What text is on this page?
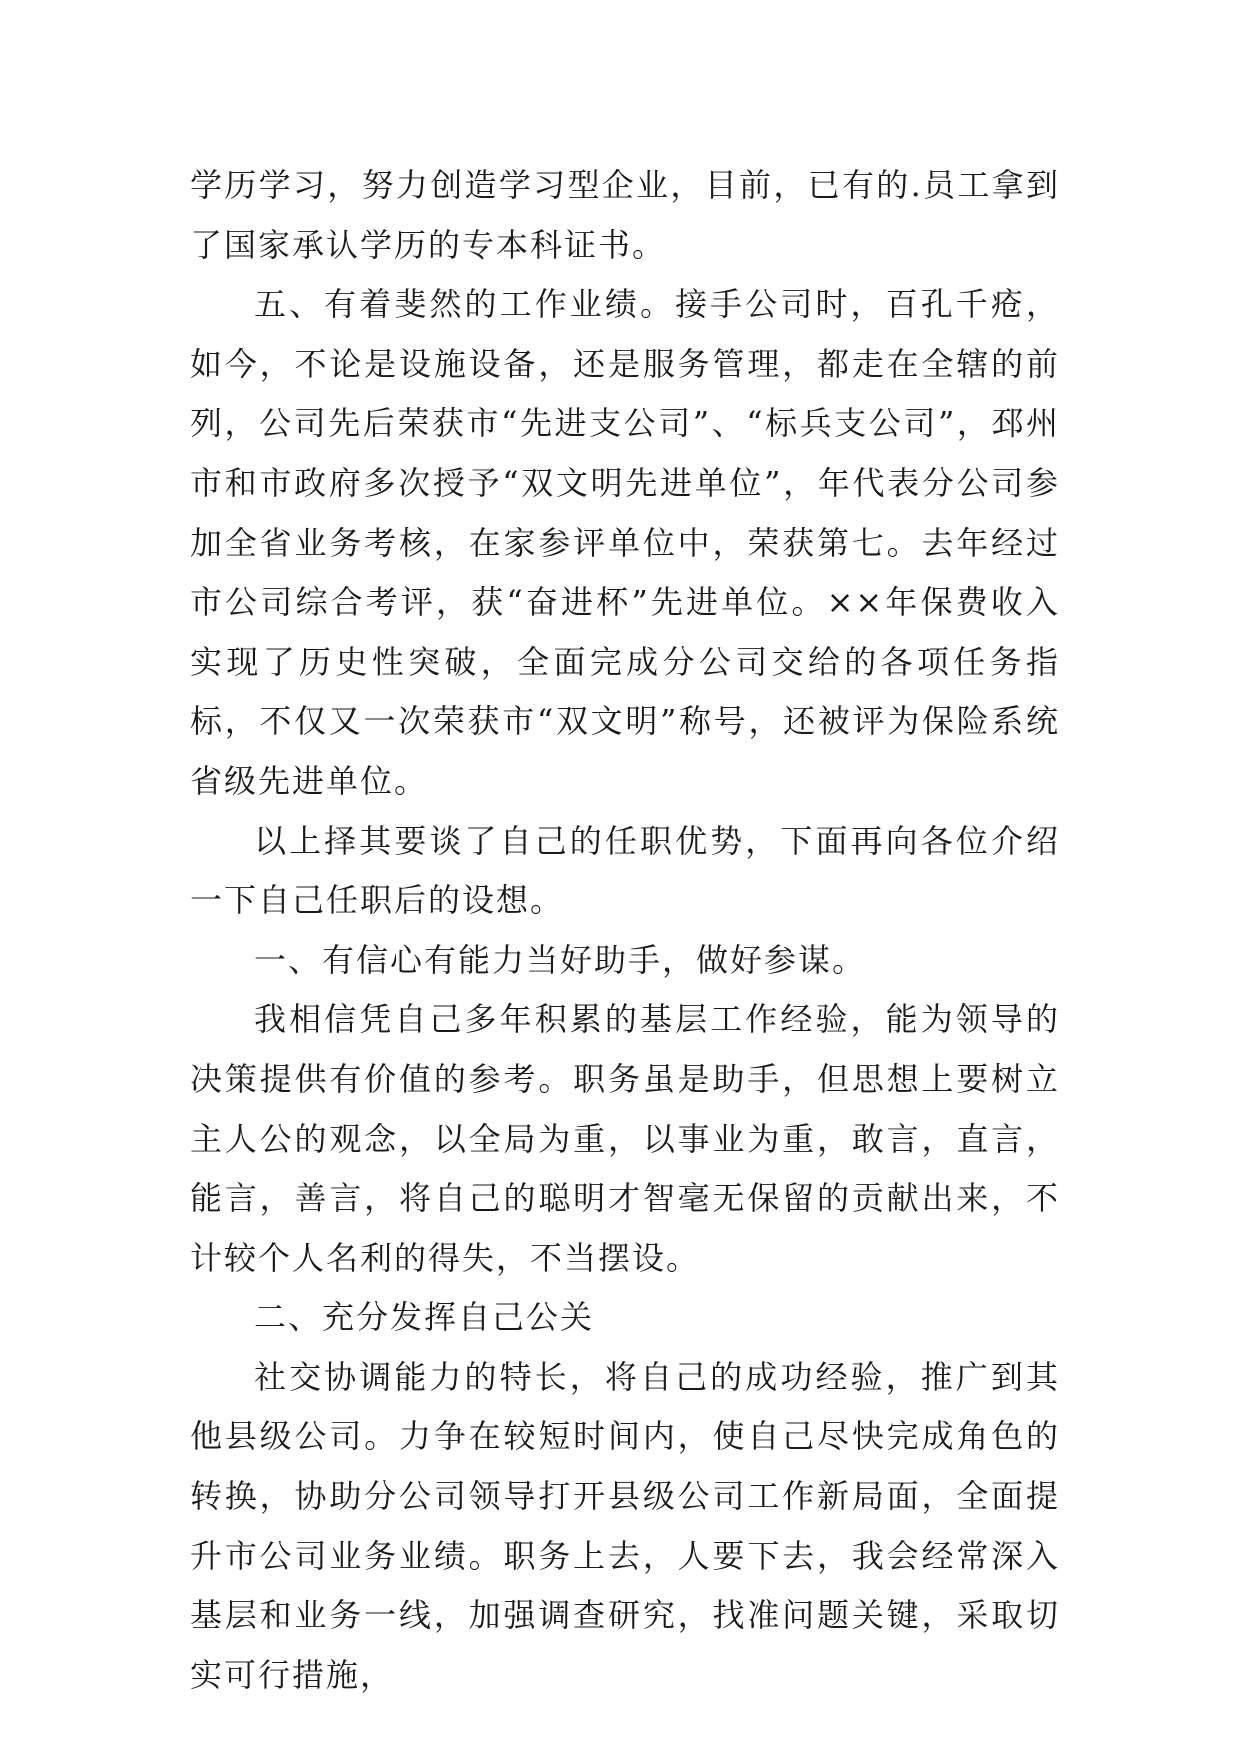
学历学习，努力创造学习型企业，目前，已有的.员工拿到了国家承认学历的专本科证书。

五、有着斐然的工作业绩。接手公司时，百孔千疮，如今，不论是设施设备，还是服务管理，都走在全辖的前列，公司先后荣获市“先进支公司”、“标兵支公司”，邳州市和市政府多次授予“双文明先进单位”，年代表分公司参加全省业务考核，在家参评单位中，荣获第七。去年经过市公司综合考评，获“奋进杯”先进单位。××年保费收入实现了历史性突破，全面完成分公司交给的各项任务指标，不仅又一次荣获市“双文明”称号，还被评为保险系统省级先进单位。

以上择其要谈了自己的任职优势，下面再向各位介绍一下自己任职后的设想。

一、有信心有能力当好助手，做好参谋。

我相信凭自己多年积累的基层工作经验，能为领导的决策提供有价值的参考。职务虽是助手，但思想上要树立主人公的观念，以全局为重，以事业为重，敢言，直言，能言，善言，将自己的聪明才智毫无保留的贡献出来，不计较个人名利的得失，不当摆设。

二、充分发挥自己公关

社交协调能力的特长，将自己的成功经验，推广到其他县级公司。力争在较短时间内，使自己尽快完成角色的转换，协助分公司领导打开县级公司工作新局面，全面提升市公司业务业绩。职务上去，人要下去，我会经常深入基层和业务一线，加强调查研究，找准问题关键，采取切实可行措施，
